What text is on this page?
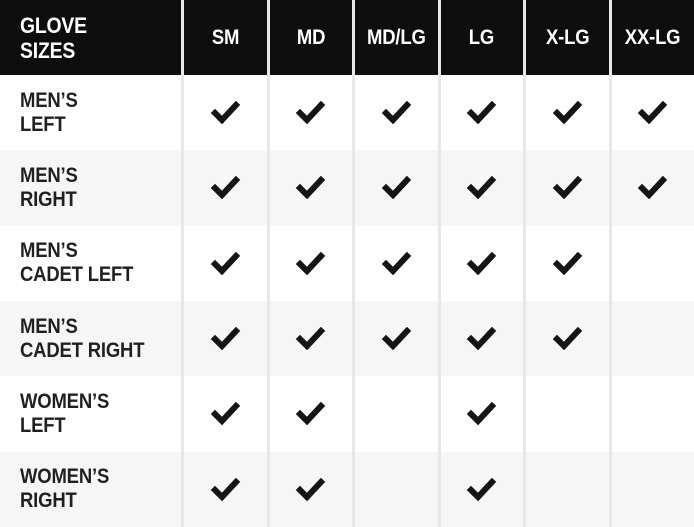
GLOVE
SIZES
SM	MD MD/LG LG X-LG XX-LG
MEN’S
LEFT
MEN’S
RIGHT
MEN’S
CADET LEFT
MEN’S
CADET RIGHT
WOMEN’S
LEFT
WOMEN’S
RIGHT
